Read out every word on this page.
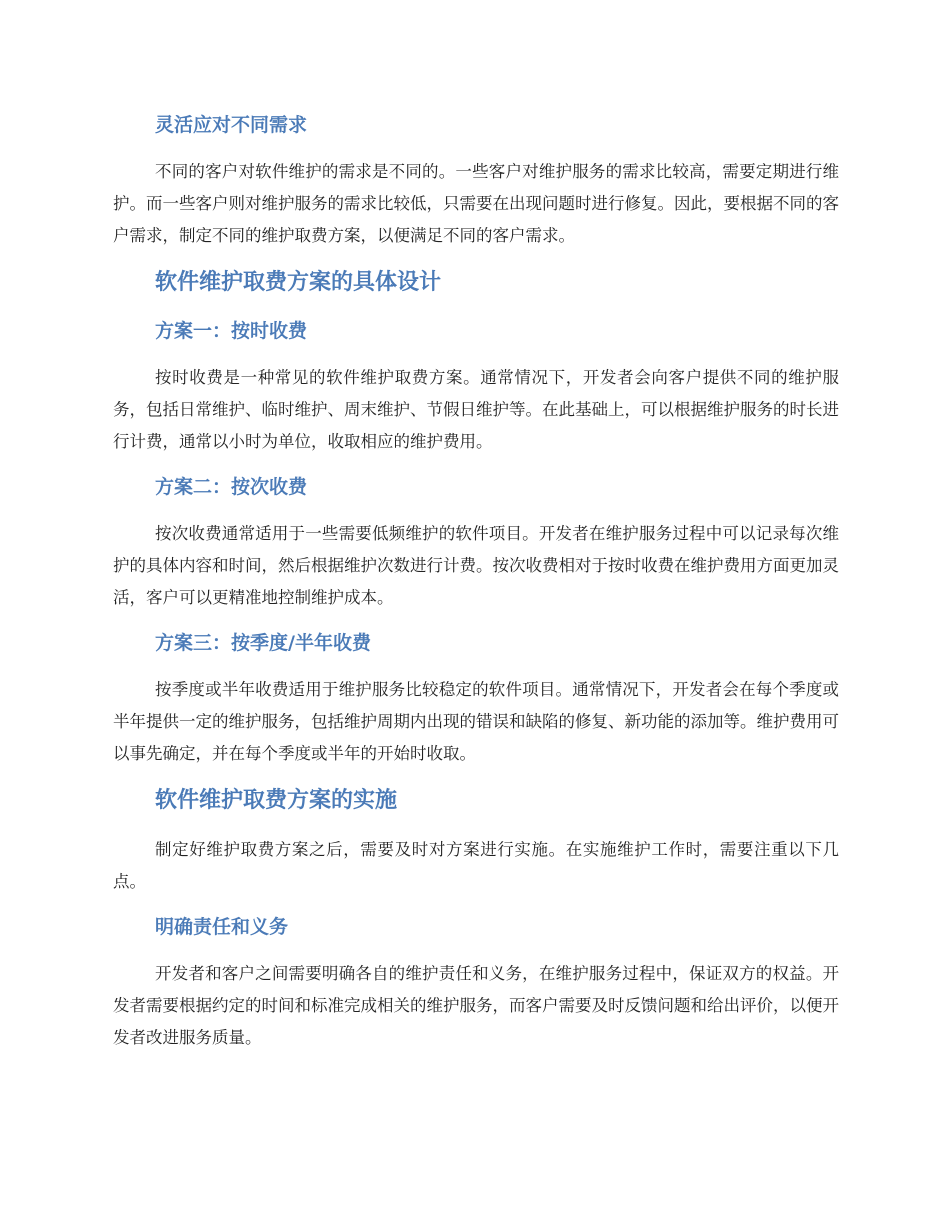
灵活应对不同需求

不同的客户对软件维护的需求是不同的。一些客户对维护服务的需求比较高，需要定期进行维护。而一些客户则对维护服务的需求比较低，只需要在出现问题时进行修复。因此，要根据不同的客户需求，制定不同的维护取费方案，以便满足不同的客户需求。

软件维护取费方案的具体设计
方案一：按时收费

按时收费是一种常见的软件维护取费方案。通常情况下，开发者会向客户提供不同的维护服务，包括日常维护、临时维护、周末维护、节假日维护等。在此基础上，可以根据维护服务的时长进行计费，通常以小时为单位，收取相应的维护费用。

方案二：按次收费

按次收费通常适用于一些需要低频维护的软件项目。开发者在维护服务过程中可以记录每次维护的具体内容和时间，然后根据维护次数进行计费。按次收费相对于按时收费在维护费用方面更加灵活，客户可以更精准地控制维护成本。

方案三：按季度/半年收费

按季度或半年收费适用于维护服务比较稳定的软件项目。通常情况下，开发者会在每个季度或半年提供一定的维护服务，包括维护周期内出现的错误和缺陷的修复、新功能的添加等。维护费用可以事先确定，并在每个季度或半年的开始时收取。

软件维护取费方案的实施

制定好维护取费方案之后，需要及时对方案进行实施。在实施维护工作时，需要注重以下几点。

明确责任和义务

开发者和客户之间需要明确各自的维护责任和义务，在维护服务过程中，保证双方的权益。开发者需要根据约定的时间和标准完成相关的维护服务，而客户需要及时反馈问题和给出评价，以便开发者改进服务质量。
